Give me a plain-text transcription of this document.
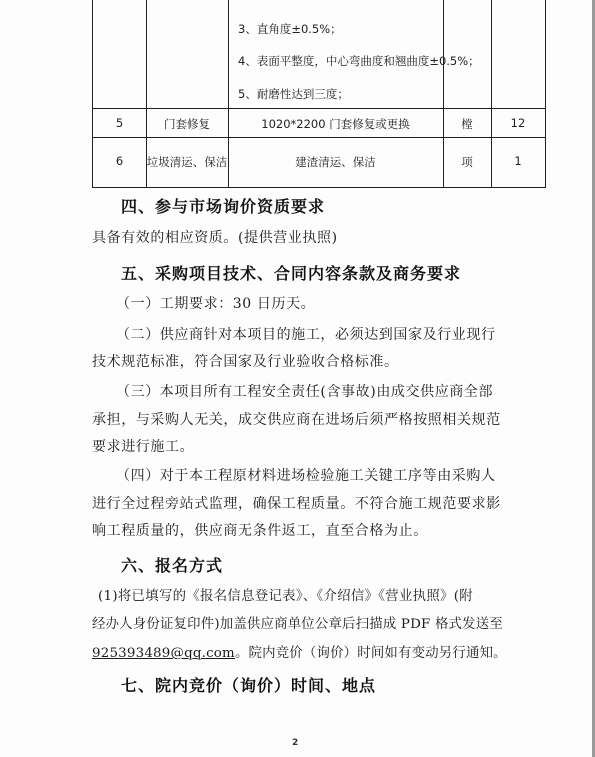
3、直角度±0.5%；
4、表面平整度，中心弯曲度和翘曲度±0.5%；
5、耐磨性达到三度；
5	门套修复	1020*2200 门套修复或更换	樘	12
6	垃圾清运、保洁	建渣清运、保洁	项	1
四、参与市场询价资质要求
具备有效的相应资质。(提供营业执照)
五、采购项目技术、合同内容条款及商务要求
（一）工期要求：30 日历天。
（二）供应商针对本项目的施工，必须达到国家及行业现行
技术规范标准，符合国家及行业验收合格标准。
（三）本项目所有工程安全责任(含事故)由成交供应商全部
承担，与采购人无关，成交供应商在进场后须严格按照相关规范
要求进行施工。
（四）对于本工程原材料进场检验施工关键工序等由采购人
进行全过程旁站式监理，确保工程质量。不符合施工规范要求影
响工程质量的，供应商无条件返工，直至合格为止。
六、报名方式
(1)将已填写的《报名信息登记表》、《介绍信》《营业执照》(附
经办人身份证复印件)加盖供应商单位公章后扫描成 PDF 格式发送至
925393489@qq.com。院内竞价（询价）时间如有变动另行通知。
七、院内竞价（询价）时间、地点
2
